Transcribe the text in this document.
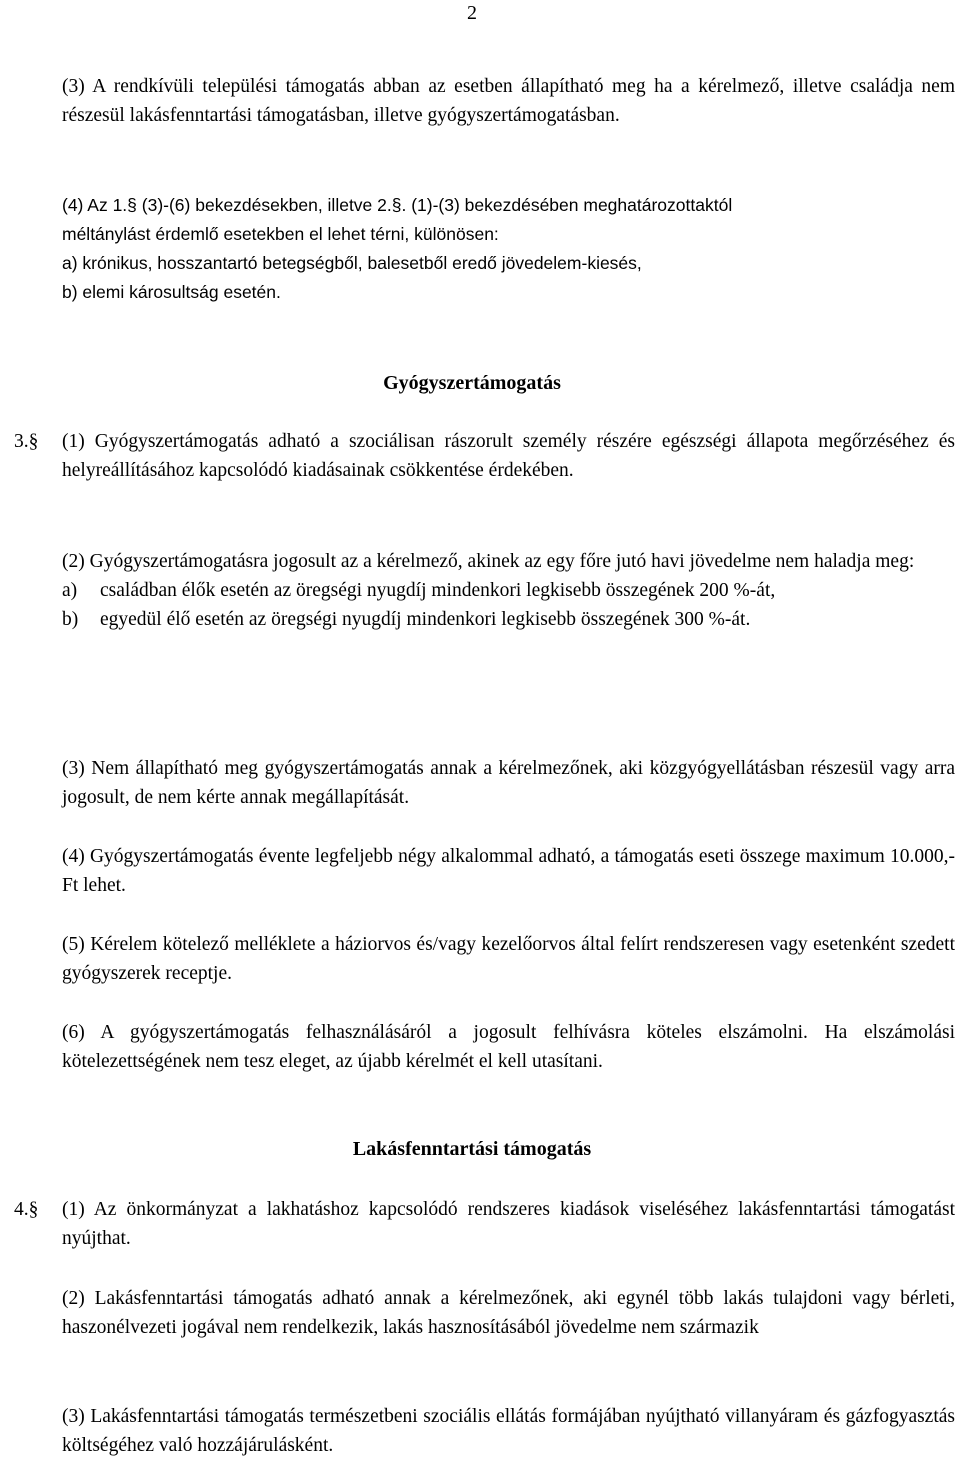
2

(3) A rendkívüli települési támogatás abban az esetben állapítható meg ha a kérelmező, illetve családja nem részesül lakásfenntartási támogatásban, illetve gyógyszertámogatásban.

(4) Az 1.§ (3)-(6) bekezdésekben, illetve 2.§. (1)-(3) bekezdésében meghatározottaktól
méltánylást érdemlő esetekben el lehet térni, különösen:
a) krónikus, hosszantartó betegségből, balesetből eredő jövedelem-kiesés,
b) elemi károsultság esetén.
Gyógyszertámogatás
3.§ (1) Gyógyszertámogatás adható a szociálisan rászorult személy részére egészségi állapota megőrzéséhez és helyreállításához kapcsolódó kiadásainak csökkentése érdekében.

(2) Gyógyszertámogatásra jogosult az a kérelmező, akinek az egy főre jutó havi jövedelme nem haladja meg:

a) családban élők esetén az öregségi nyugdíj mindenkori legkisebb összegének 200 %-át,
b) egyedül élő esetén az öregségi nyugdíj mindenkori legkisebb összegének 300 %-át.

(3) Nem állapítható meg gyógyszertámogatás annak a kérelmezőnek, aki közgyógyellátásban részesül vagy arra jogosult, de nem kérte annak megállapítását.

(4) Gyógyszertámogatás évente legfeljebb négy alkalommal adható, a támogatás eseti összege maximum 10.000,- Ft lehet.

(5) Kérelem kötelező melléklete a háziorvos és/vagy kezelőorvos által felírt rendszeresen vagy esetenként szedett gyógyszerek receptje.

(6) A gyógyszertámogatás felhasználásáról a jogosult felhívásra köteles elszámolni. Ha elszámolási kötelezettségének nem tesz eleget, az újabb kérelmét el kell utasítani.

Lakásfenntartási támogatás
4.§ (1) Az önkormányzat a lakhatáshoz kapcsolódó rendszeres kiadások viseléséhez lakásfenntartási támogatást nyújthat.

(2) Lakásfenntartási támogatás adható annak a kérelmezőnek, aki egynél több lakás tulajdoni vagy bérleti, haszonélvezeti jogával nem rendelkezik, lakás hasznosításából jövedelme nem származik

(3) Lakásfenntartási támogatás természetbeni szociális ellátás formájában nyújtható villanyáram és gázfogyasztás költségéhez való hozzájárulásként.
